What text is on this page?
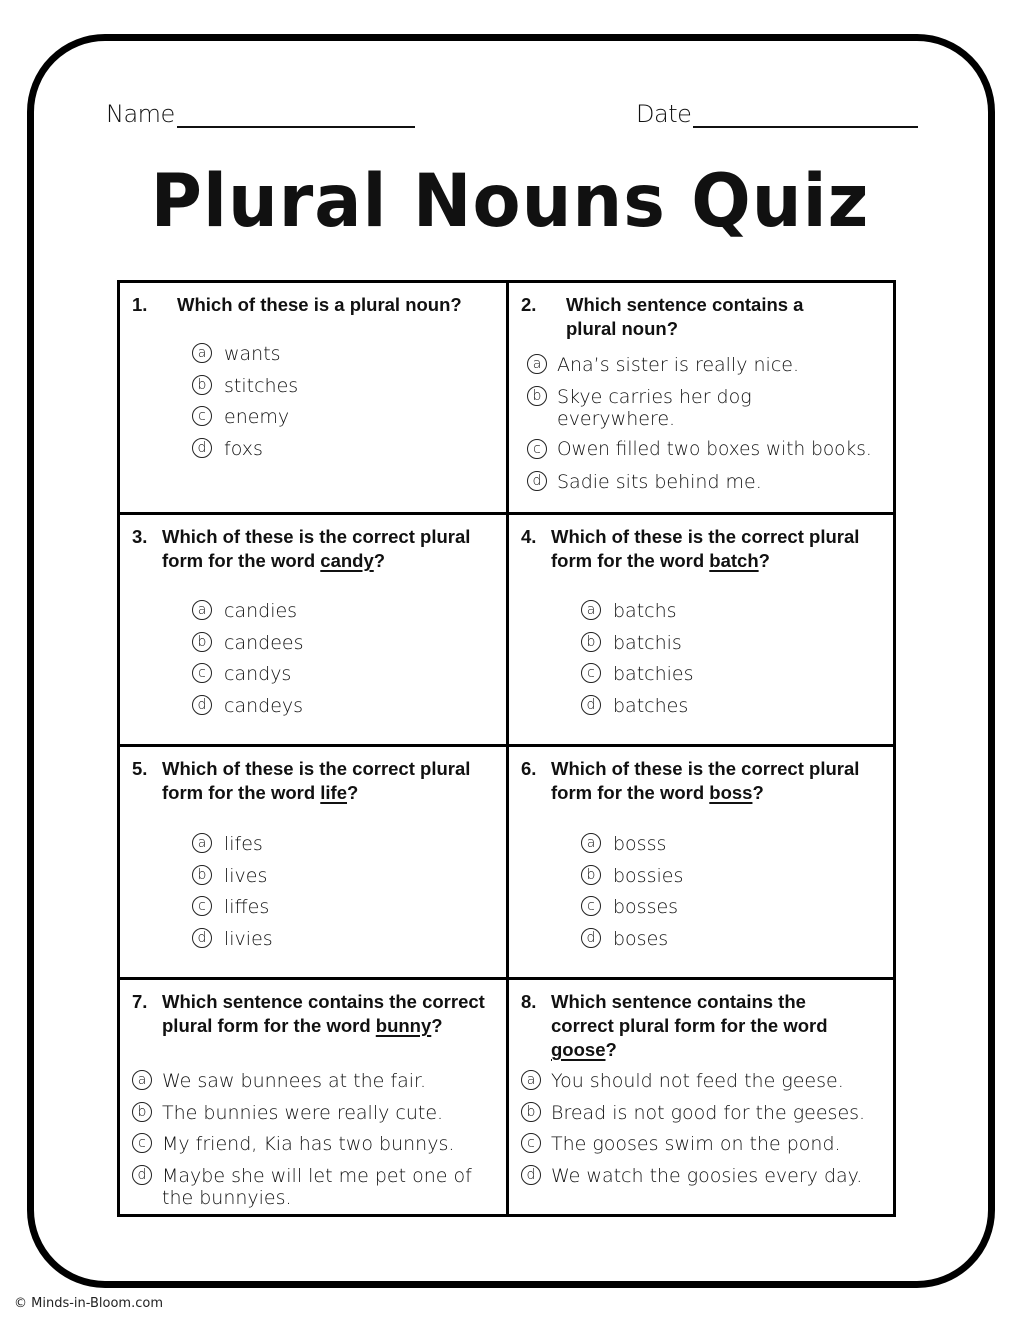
Name	Date
Plural Nouns Quiz
1.	Which of these is a plural noun?
a wants
b stitches
c enemy
d foxs
2.	Which sentence contains a plural noun?
a Ana’s sister is really nice.
b Skye carries her dog everywhere.
c Owen filled two boxes with books.
d Sadie sits behind me.
3. Which of these is the correct plural form for the word candy?
a candies
b candees
c candys
d candeys
4. Which of these is the correct plural form for the word batch?
a batchs
b batchis
c batchies
d batches
5. Which of these is the correct plural form for the word life?
a lifes
b lives
c liffes
d livies
6. Which of these is the correct plural form for the word boss?
a bosss
b bossies
c bosses
d boses
7. Which sentence contains the correct plural form for the word bunny?
a We saw bunnees at the fair.
b The bunnies were really cute.
c My friend, Kia has two bunnys.
d Maybe she will let me pet one of the bunnyies.
8. Which sentence contains the correct plural form for the word goose?
a You should not feed the geese.
b Bread is not good for the geeses.
c The gooses swim on the pond.
d We watch the goosies every day.
© Minds-in-Bloom.com
